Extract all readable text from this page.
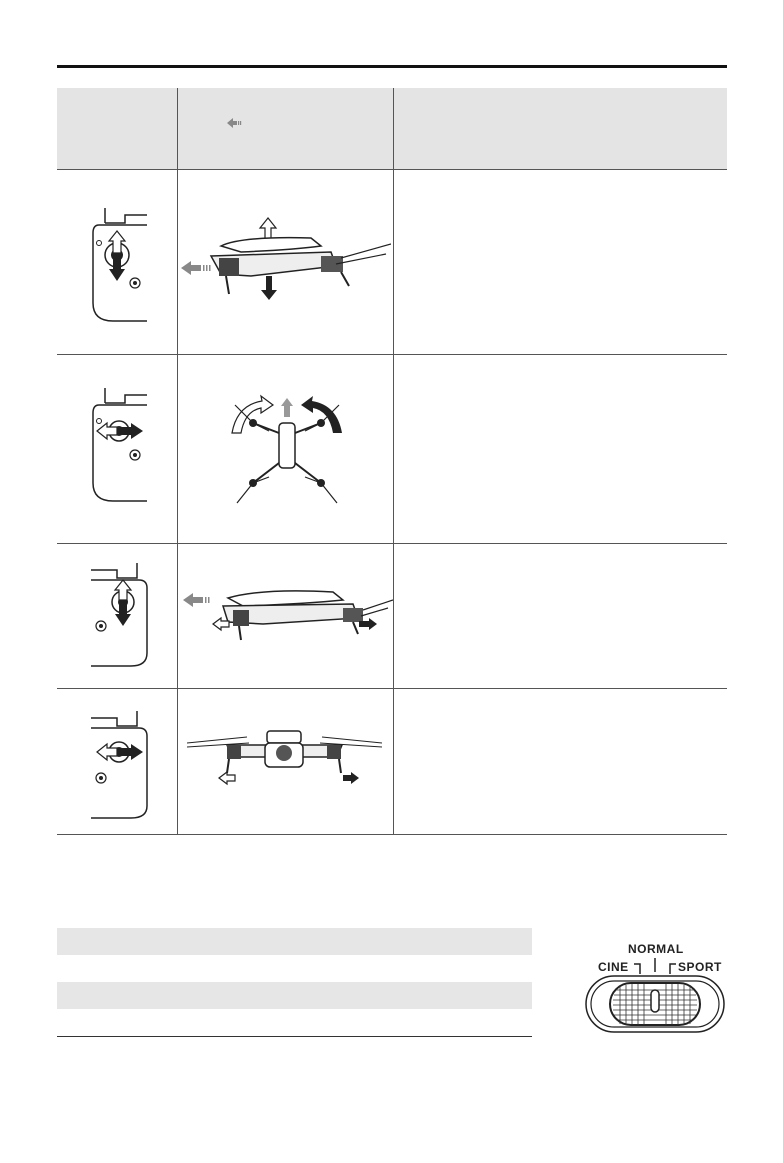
NORMAL
CINE	SPORT
